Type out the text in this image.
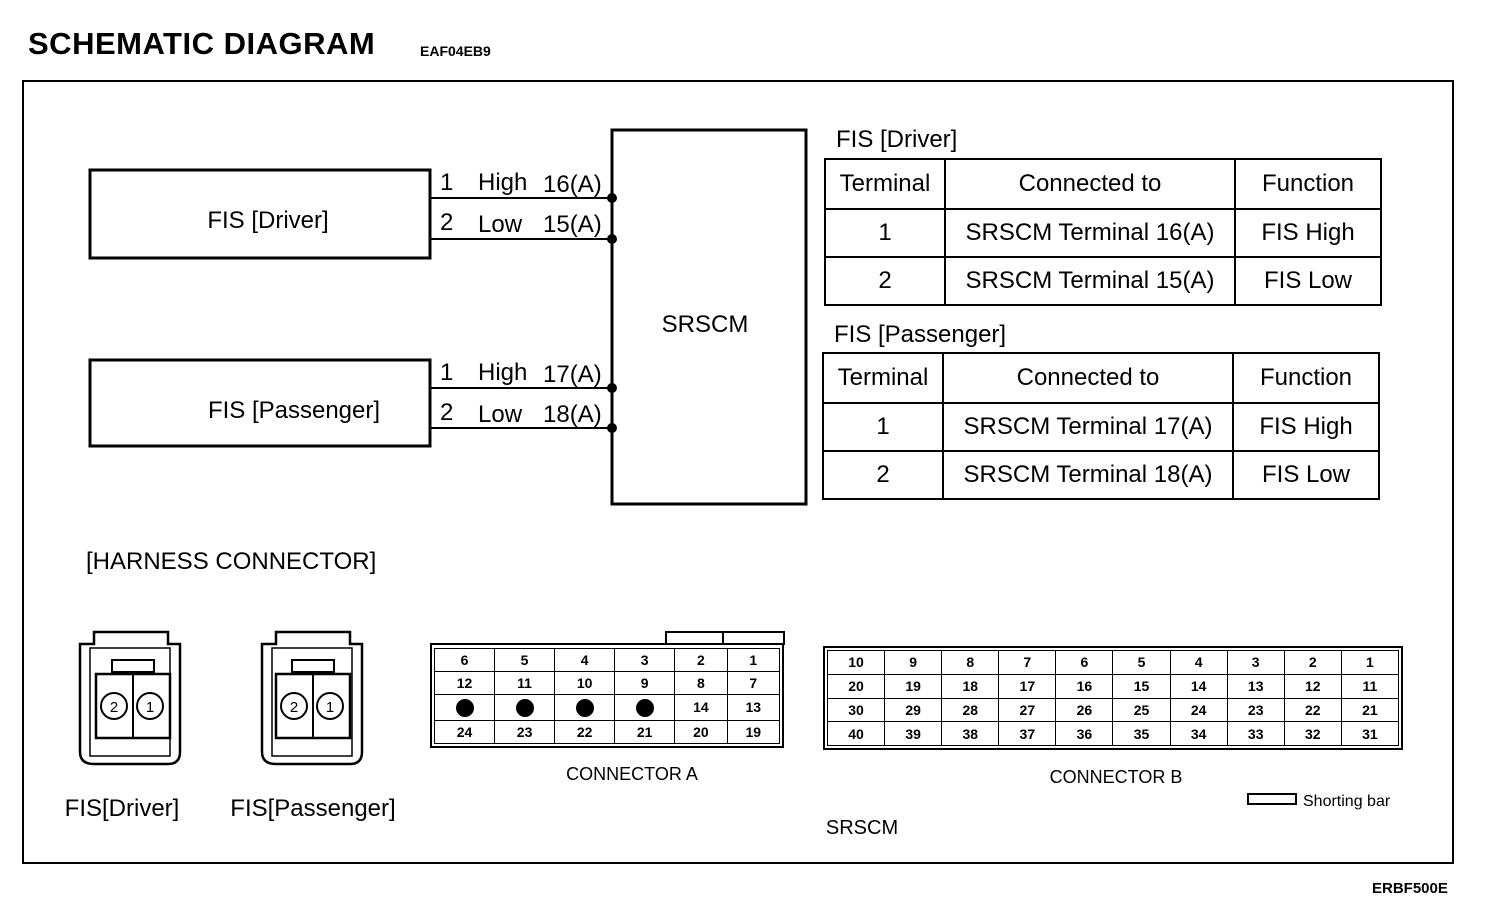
SCHEMATIC DIAGRAM	EAF04EB9
FIS [Driver]
FIS [Passenger]
SRSCM
1 High 16(A)
2 Low 15(A)
1 High 17(A)
2 Low 18(A)
FIS [Driver]
FIS [Passenger]
[HARNESS CONNECTOR]
2 1	2 1
FIS[Driver] FIS[Passenger]
CONNECTOR A	CONNECTOR B
Shorting bar
SRSCM
Terminal	Connected to	Function
1	SRSCM Terminal 16(A)	FIS High
2	SRSCM Terminal 15(A)	FIS Low
Terminal	Connected to	Function
1	SRSCM Terminal 17(A)	FIS High
2	SRSCM Terminal 18(A)	FIS Low
6	5	4	3	2	1
12	11	10	9	8	7
				14	13
24	23	22	21	20	19
10	9	8	7	6	5	4	3	2	1
20	19	18	17	16	15	14	13	12	11
30	29	28	27	26	25	24	23	22	21
40	39	38	37	36	35	34	33	32	31
ERBF500E
